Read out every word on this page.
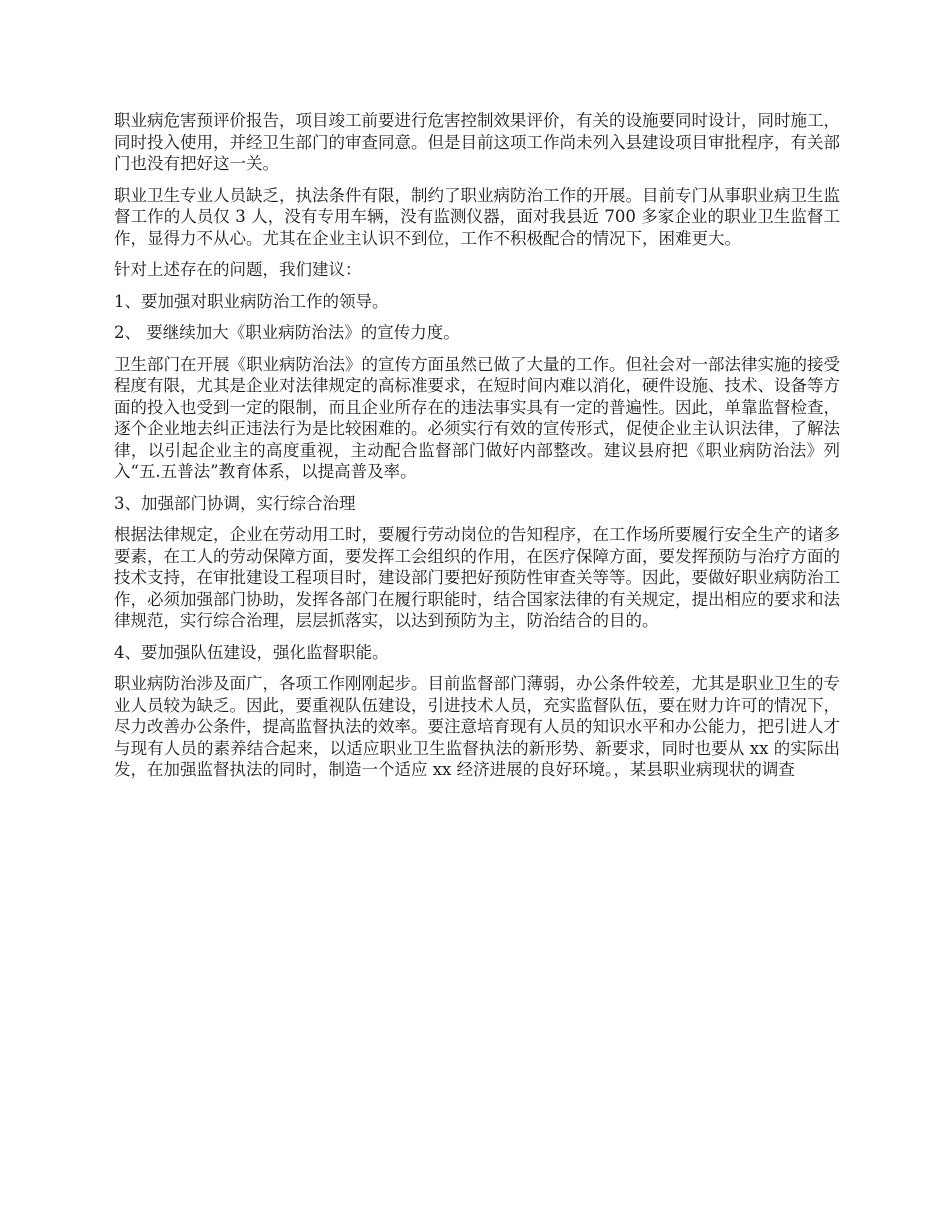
职业病危害预评价报告，项目竣工前要进行危害控制效果评价，有关的设施要同时设计，同时施工，同时投入使用，并经卫生部门的审查同意。但是目前这项工作尚未列入县建设项目审批程序，有关部门也没有把好这一关。

职业卫生专业人员缺乏，执法条件有限，制约了职业病防治工作的开展。目前专门从事职业病卫生监督工作的人员仅 3 人，没有专用车辆，没有监测仪器，面对我县近 700 多家企业的职业卫生监督工作，显得力不从心。尤其在企业主认识不到位，工作不积极配合的情况下，困难更大。

针对上述存在的问题，我们建议：

1、要加强对职业病防治工作的领导。

2、 要继续加大《职业病防治法》的宣传力度。

卫生部门在开展《职业病防治法》的宣传方面虽然已做了大量的工作。但社会对一部法律实施的接受程度有限，尤其是企业对法律规定的高标准要求，在短时间内难以消化，硬件设施、技术、设备等方面的投入也受到一定的限制，而且企业所存在的违法事实具有一定的普遍性。因此，单靠监督检查，逐个企业地去纠正违法行为是比较困难的。必须实行有效的宣传形式，促使企业主认识法律，了解法律，以引起企业主的高度重视，主动配合监督部门做好内部整改。建议县府把《职业病防治法》列入“五.五普法”教育体系，以提高普及率。

3、加强部门协调，实行综合治理

根据法律规定，企业在劳动用工时，要履行劳动岗位的告知程序，在工作场所要履行安全生产的诸多要素，在工人的劳动保障方面，要发挥工会组织的作用，在医疗保障方面，要发挥预防与治疗方面的技术支持，在审批建设工程项目时，建设部门要把好预防性审查关等等。因此，要做好职业病防治工作，必须加强部门协助，发挥各部门在履行职能时，结合国家法律的有关规定，提出相应的要求和法律规范，实行综合治理，层层抓落实，以达到预防为主，防治结合的目的。

4、要加强队伍建设，强化监督职能。

职业病防治涉及面广，各项工作刚刚起步。目前监督部门薄弱，办公条件较差，尤其是职业卫生的专业人员较为缺乏。因此，要重视队伍建设，引进技术人员，充实监督队伍，要在财力许可的情况下，尽力改善办公条件，提高监督执法的效率。要注意培育现有人员的知识水平和办公能力，把引进人才与现有人员的素养结合起来，以适应职业卫生监督执法的新形势、新要求，同时也要从 xx 的实际出发，在加强监督执法的同时，制造一个适应 xx 经济进展的良好环境。，某县职业病现状的调查
